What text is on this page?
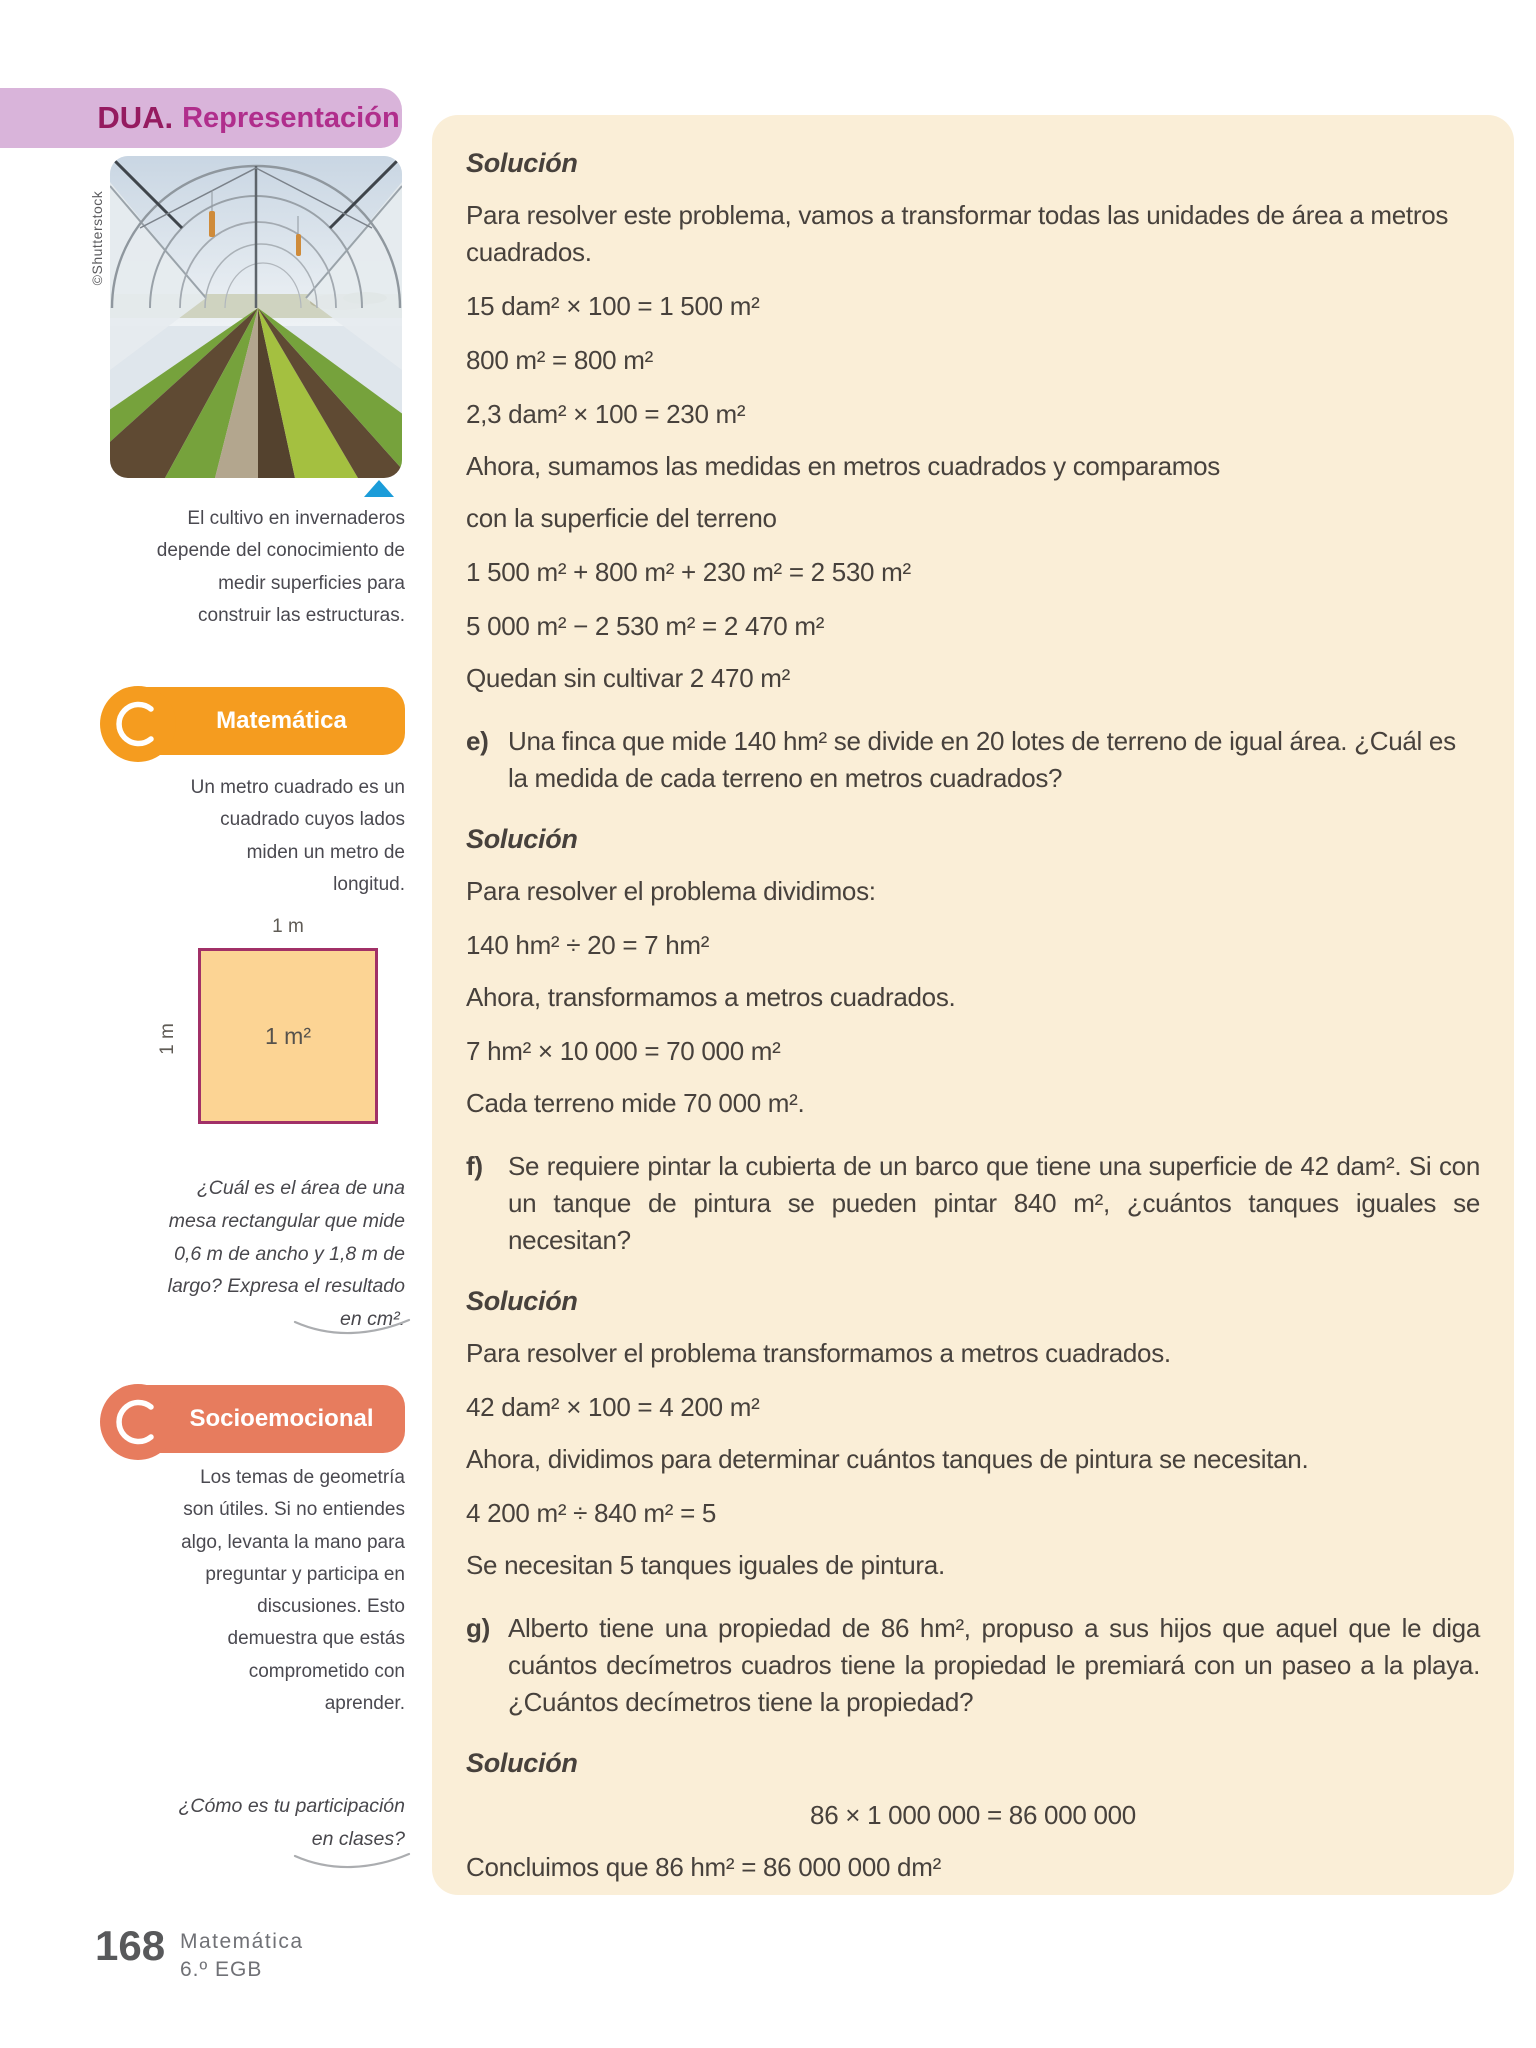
DUA. Representación
©Shutterstock
El cultivo en invernaderos depende del conocimiento de medir superficies para construir las estructuras.
Matemática
Un metro cuadrado es un cuadrado cuyos lados miden un metro de longitud.
1 m
1 m	1 m²
¿Cuál es el área de una mesa rectangular que mide 0,6 m de ancho y 1,8 m de largo? Expresa el resultado en cm².
Socioemocional
Los temas de geometría son útiles. Si no entiendes algo, levanta la mano para preguntar y participa en discusiones. Esto demuestra que estás comprometido con aprender.
¿Cómo es tu participación en clases?
Solución
Para resolver este problema, vamos a transformar todas las unidades de área a metros cuadrados.
15 dam² × 100 = 1 500 m²
800 m² = 800 m²
2,3 dam² × 100 = 230 m²
Ahora, sumamos las medidas en metros cuadrados y comparamos
con la superficie del terreno
1 500 m² + 800 m² + 230 m² = 2 530 m²
5 000 m² − 2 530 m² = 2 470 m²
Quedan sin cultivar 2 470 m²
e) Una finca que mide 140 hm² se divide en 20 lotes de terreno de igual área. ¿Cuál es la medida de cada terreno en metros cuadrados?
Solución
Para resolver el problema dividimos:
140 hm² ÷ 20 = 7 hm²
Ahora, transformamos a metros cuadrados.
7 hm² × 10 000 = 70 000 m²
Cada terreno mide 70 000 m².
f) Se requiere pintar la cubierta de un barco que tiene una superficie de 42 dam². Si con un tanque de pintura se pueden pintar 840 m², ¿cuántos tanques iguales se necesitan?
Solución
Para resolver el problema transformamos a metros cuadrados.
42 dam² × 100 = 4 200 m²
Ahora, dividimos para determinar cuántos tanques de pintura se necesitan.
4 200 m² ÷ 840 m² = 5
Se necesitan 5 tanques iguales de pintura.
g) Alberto tiene una propiedad de 86 hm², propuso a sus hijos que aquel que le diga cuántos decímetros cuadros tiene la propiedad le premiará con un paseo a la playa. ¿Cuántos decímetros tiene la propiedad?
Solución
86 × 1 000 000 = 86 000 000
Concluimos que 86 hm² = 86 000 000 dm²
168 Matemática
6.º EGB
